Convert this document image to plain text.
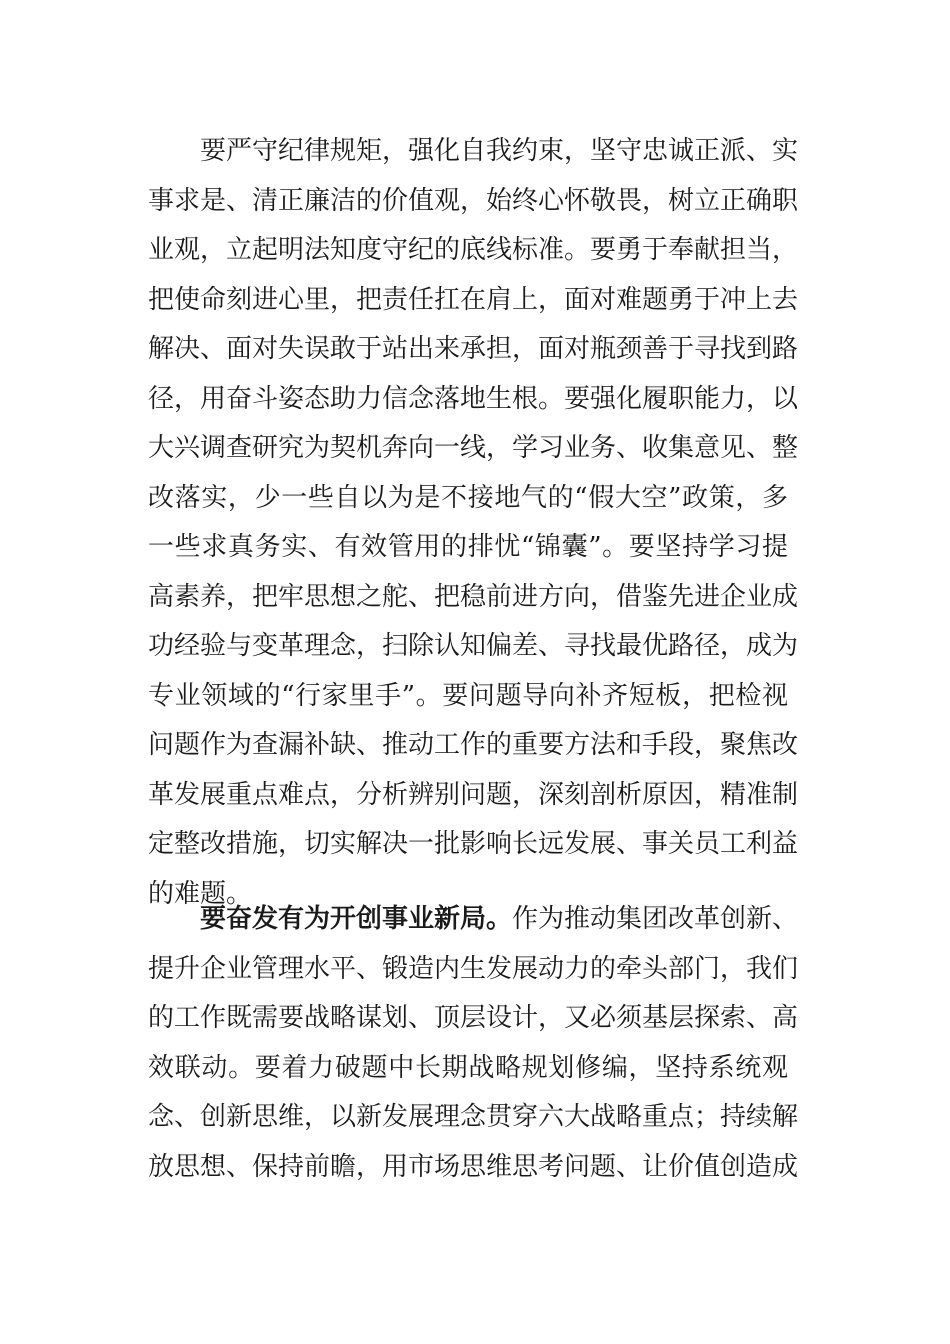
要严守纪律规矩，强化自我约束，坚守忠诚正派、实
事求是、清正廉洁的价值观，始终心怀敬畏，树立正确职
业观，立起明法知度守纪的底线标准。要勇于奉献担当，
把使命刻进心里，把责任扛在肩上，面对难题勇于冲上去
解决、面对失误敢于站出来承担，面对瓶颈善于寻找到路
径，用奋斗姿态助力信念落地生根。要强化履职能力，以
大兴调查研究为契机奔向一线，学习业务、收集意见、整
改落实，少一些自以为是不接地气的“假大空”政策，多
一些求真务实、有效管用的排忧“锦囊”。要坚持学习提
高素养，把牢思想之舵、把稳前进方向，借鉴先进企业成
功经验与变革理念，扫除认知偏差、寻找最优路径，成为
专业领域的“行家里手”。要问题导向补齐短板，把检视
问题作为查漏补缺、推动工作的重要方法和手段，聚焦改
革发展重点难点，分析辨别问题，深刻剖析原因，精准制
定整改措施，切实解决一批影响长远发展、事关员工利益
的难题。
要奋发有为开创事业新局。作为推动集团改革创新、
提升企业管理水平、锻造内生发展动力的牵头部门，我们
的工作既需要战略谋划、顶层设计，又必须基层探索、高
效联动。要着力破题中长期战略规划修编，坚持系统观
念、创新思维，以新发展理念贯穿六大战略重点；持续解
放思想、保持前瞻，用市场思维思考问题、让价值创造成
